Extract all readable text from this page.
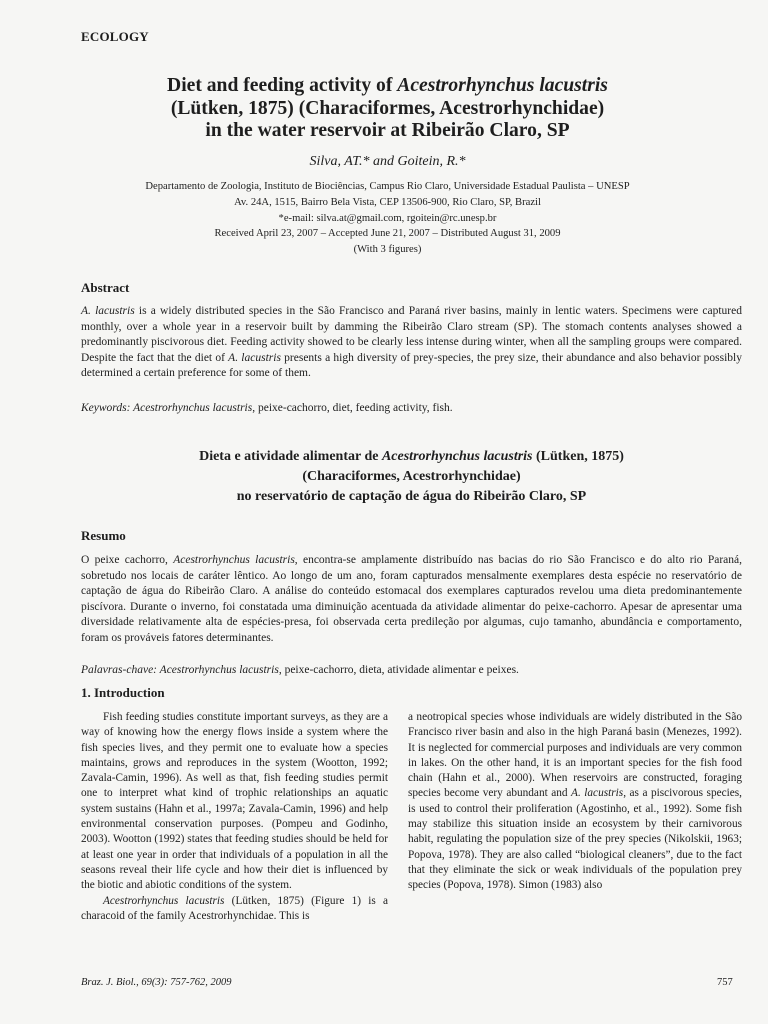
ECOLOGY
Diet and feeding activity of Acestrorhynchus lacustris
(Lütken, 1875) (Characiformes, Acestrorhynchidae)
in the water reservoir at Ribeirão Claro, SP
Silva, AT.* and Goitein, R.*
Departamento de Zoologia, Instituto de Biociências, Campus Rio Claro, Universidade Estadual Paulista – UNESP
Av. 24A, 1515, Bairro Bela Vista, CEP 13506-900, Rio Claro, SP, Brazil
*e-mail: silva.at@gmail.com, rgoitein@rc.unesp.br
Received April 23, 2007 – Accepted June 21, 2007 – Distributed August 31, 2009
(With 3 figures)
Abstract

A. lacustris is a widely distributed species in the São Francisco and Paraná river basins, mainly in lentic waters. Specimens were captured monthly, over a whole year in a reservoir built by damming the Ribeirão Claro stream (SP). The stomach contents analyses showed a predominantly piscivorous diet. Feeding activity showed to be clearly less intense during winter, when all the sampling groups were compared. Despite the fact that the diet of A. lacustris presents a high diversity of prey-species, the prey size, their abundance and also behavior possibly determined a certain preference for some of them.

Keywords: Acestrorhynchus lacustris, peixe-cachorro, diet, feeding activity, fish.
Dieta e atividade alimentar de Acestrorhynchus lacustris (Lütken, 1875)
(Characiformes, Acestrorhynchidae)
no reservatório de captação de água do Ribeirão Claro, SP
Resumo

O peixe cachorro, Acestrorhynchus lacustris, encontra-se amplamente distribuído nas bacias do rio São Francisco e do alto rio Paraná, sobretudo nos locais de caráter lêntico. Ao longo de um ano, foram capturados mensalmente exemplares desta espécie no reservatório de captação de água do Ribeirão Claro. A análise do conteúdo estomacal dos exemplares capturados revelou uma dieta predominantemente piscívora. Durante o inverno, foi constatada uma diminuição acentuada da atividade alimentar do peixe-cachorro. Apesar de apresentar uma diversidade relativamente alta de espécies-presa, foi observada certa predileção por algumas, cujo tamanho, abundância e comportamento, foram os prováveis fatores determinantes.

Palavras-chave: Acestrorhynchus lacustris, peixe-cachorro, dieta, atividade alimentar e peixes.
1. Introduction

Fish feeding studies constitute important surveys, as they are a way of knowing how the energy flows inside a system where the fish species lives, and they permit one to evaluate how a species maintains, grows and reproduces in the system (Wootton, 1992; Zavala-Camin, 1996). As well as that, fish feeding studies permit one to interpret what kind of trophic relationships an aquatic system sustains (Hahn et al., 1997a; Zavala-Camin, 1996) and help environmental conservation purposes. (Pompeu and Godinho, 2003). Wootton (1992) states that feeding studies should be held for at least one year in order that individuals of a population in all the seasons reveal their life cycle and how their diet is influenced by the biotic and abiotic conditions of the system.

Acestrorhynchus lacustris (Lütken, 1875) (Figure 1) is a characoid of the family Acestrorhynchidae. This is

a neotropical species whose individuals are widely distributed in the São Francisco river basin and also in the high Paraná basin (Menezes, 1992). It is neglected for commercial purposes and individuals are very common in lakes. On the other hand, it is an important species for the fish food chain (Hahn et al., 2000). When reservoirs are constructed, foraging species become very abundant and A. lacustris, as a piscivorous species, is used to control their proliferation (Agostinho, et al., 1992). Some fish may stabilize this situation inside an ecosystem by their carnivorous habit, regulating the population size of the prey species (Nikolskii, 1963; Popova, 1978). They are also called “biological cleaners”, due to the fact that they eliminate the sick or weak individuals of the population prey species (Popova, 1978). Simon (1983) also

Braz. J. Biol., 69(3): 757-762, 2009	757
